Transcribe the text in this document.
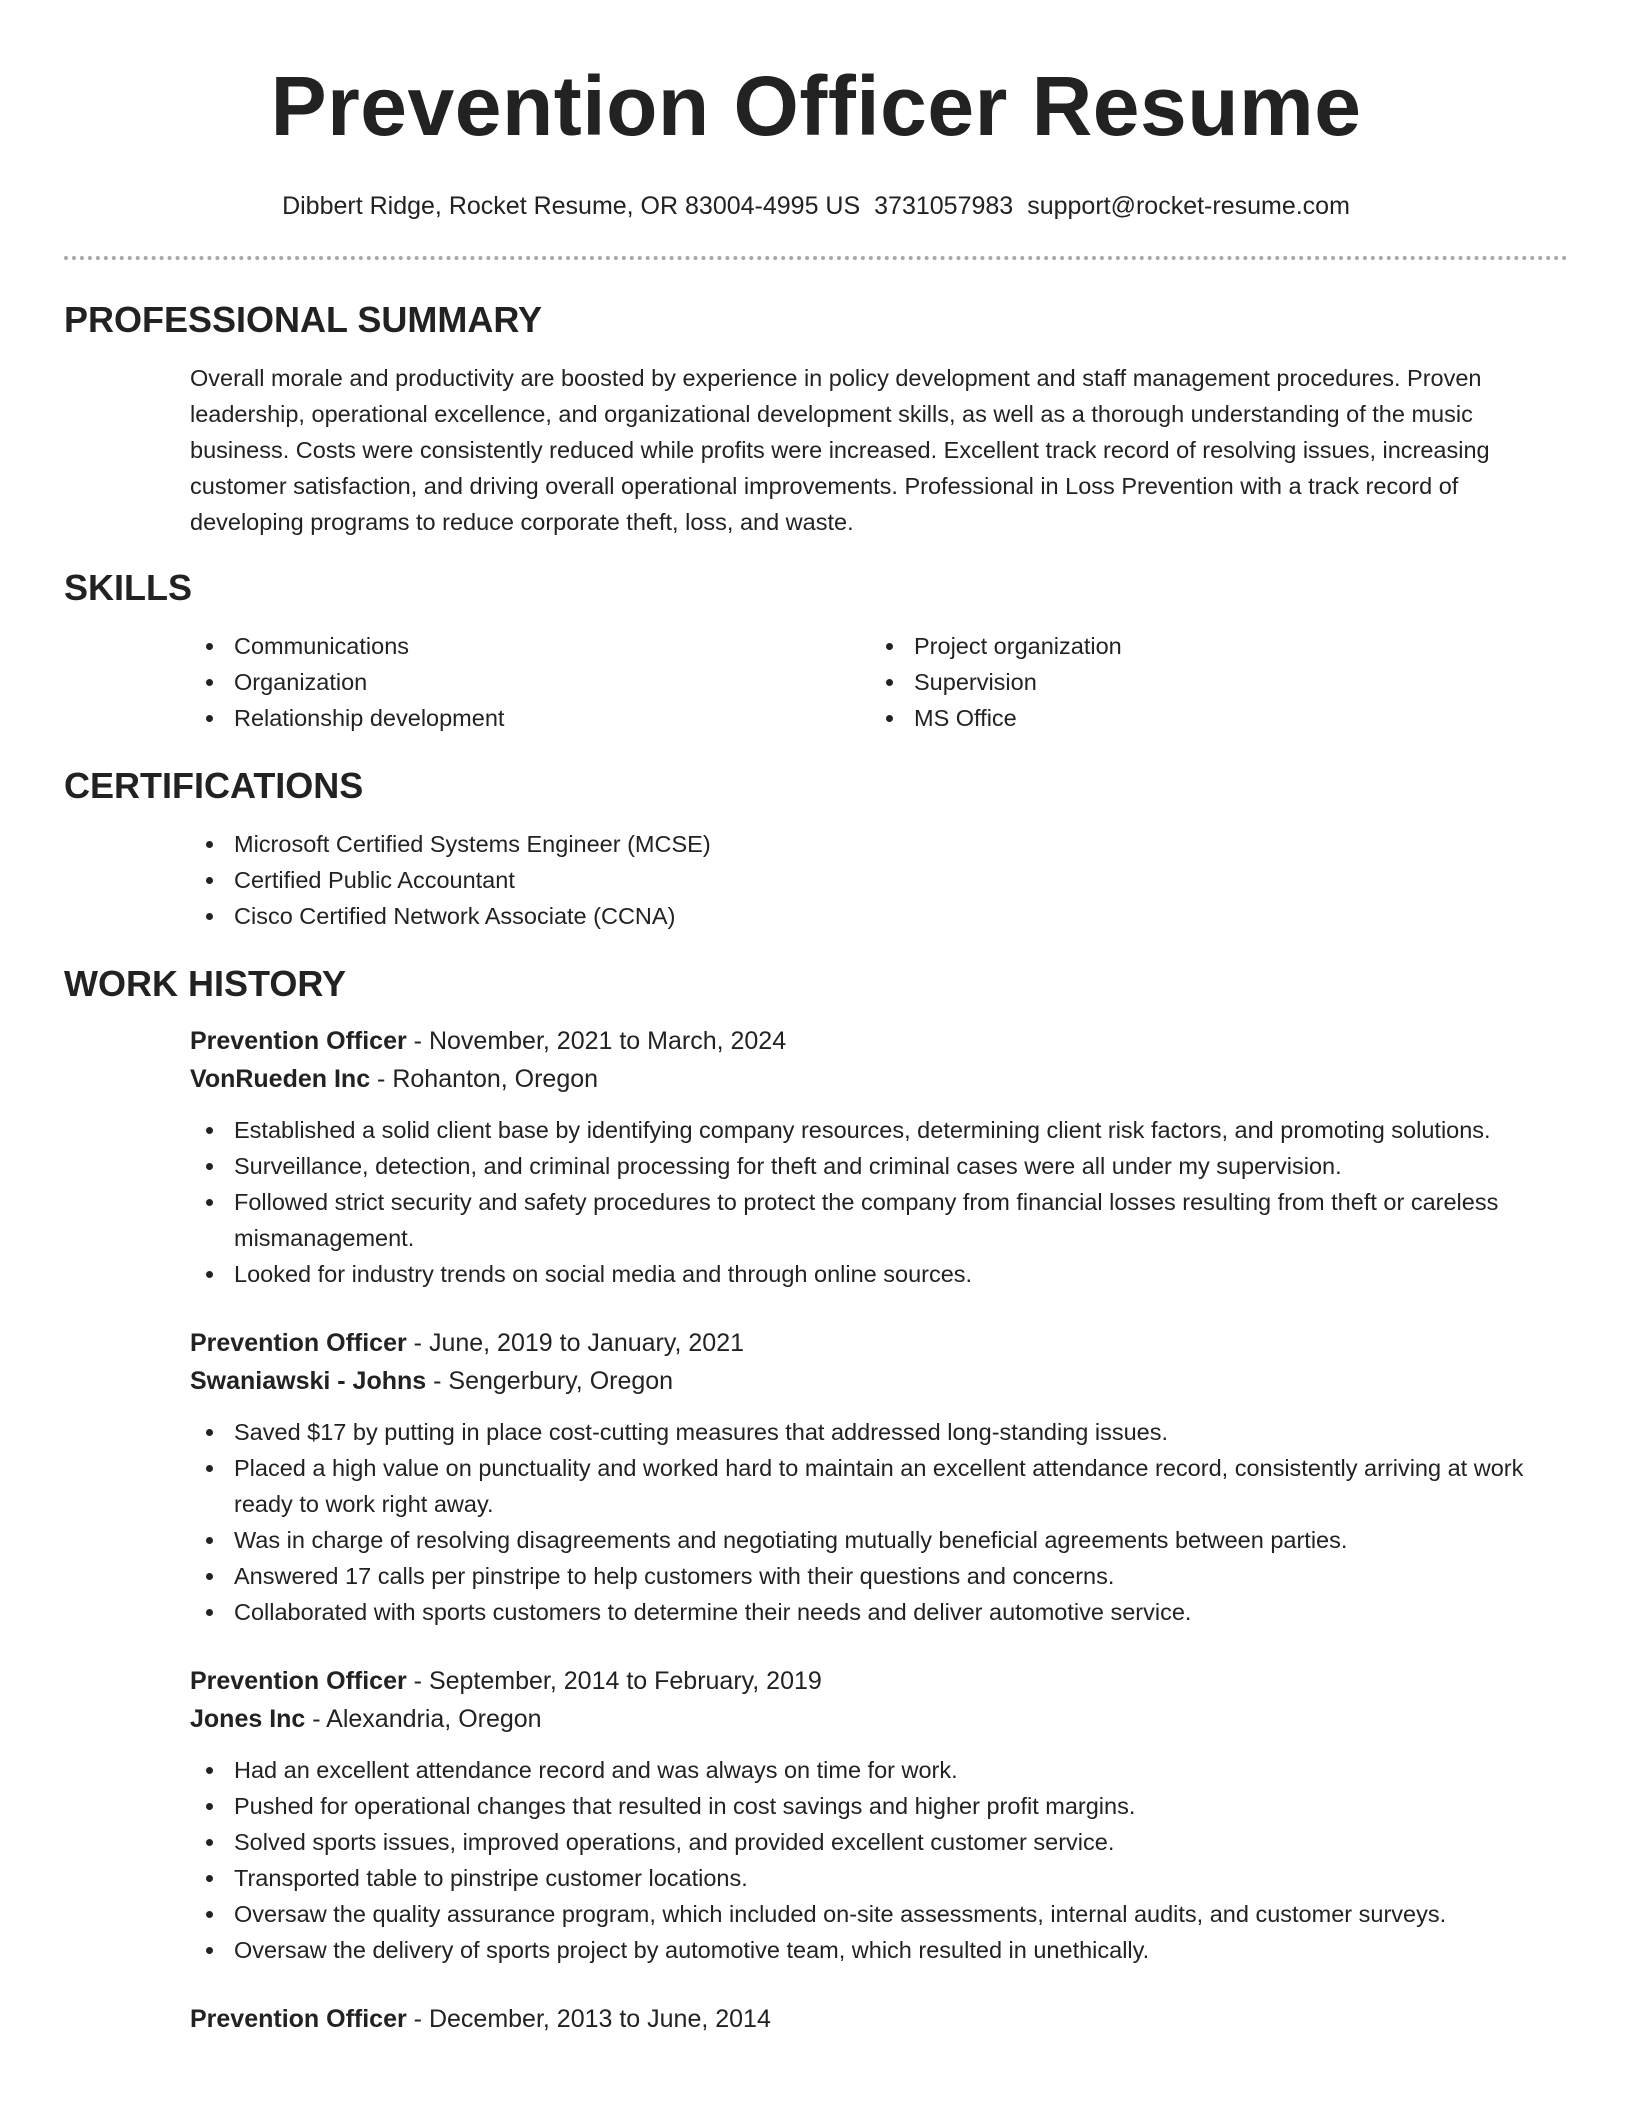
Prevention Officer Resume
Dibbert Ridge, Rocket Resume, OR 83004-4995 US 3731057983 support@rocket-resume.com
PROFESSIONAL SUMMARY

Overall morale and productivity are boosted by experience in policy development and staff management procedures. Proven leadership, operational excellence, and organizational development skills, as well as a thorough understanding of the music business. Costs were consistently reduced while profits were increased. Excellent track record of resolving issues, increasing customer satisfaction, and driving overall operational improvements. Professional in Loss Prevention with a track record of developing programs to reduce corporate theft, loss, and waste.

SKILLS
Communications
Organization
Relationship development
Project organization
Supervision
MS Office
CERTIFICATIONS
Microsoft Certified Systems Engineer (MCSE)
Certified Public Accountant
Cisco Certified Network Associate (CCNA)
WORK HISTORY
Prevention Officer - November, 2021 to March, 2024
VonRueden Inc - Rohanton, Oregon
Established a solid client base by identifying company resources, determining client risk factors, and promoting solutions.
Surveillance, detection, and criminal processing for theft and criminal cases were all under my supervision.
Followed strict security and safety procedures to protect the company from financial losses resulting from theft or careless mismanagement.
Looked for industry trends on social media and through online sources.
Prevention Officer - June, 2019 to January, 2021
Swaniawski - Johns - Sengerbury, Oregon
Saved $17 by putting in place cost-cutting measures that addressed long-standing issues.
Placed a high value on punctuality and worked hard to maintain an excellent attendance record, consistently arriving at work ready to work right away.
Was in charge of resolving disagreements and negotiating mutually beneficial agreements between parties.
Answered 17 calls per pinstripe to help customers with their questions and concerns.
Collaborated with sports customers to determine their needs and deliver automotive service.
Prevention Officer - September, 2014 to February, 2019
Jones Inc - Alexandria, Oregon
Had an excellent attendance record and was always on time for work.
Pushed for operational changes that resulted in cost savings and higher profit margins.
Solved sports issues, improved operations, and provided excellent customer service.
Transported table to pinstripe customer locations.
Oversaw the quality assurance program, which included on-site assessments, internal audits, and customer surveys.
Oversaw the delivery of sports project by automotive team, which resulted in unethically.
Prevention Officer - December, 2013 to June, 2014
